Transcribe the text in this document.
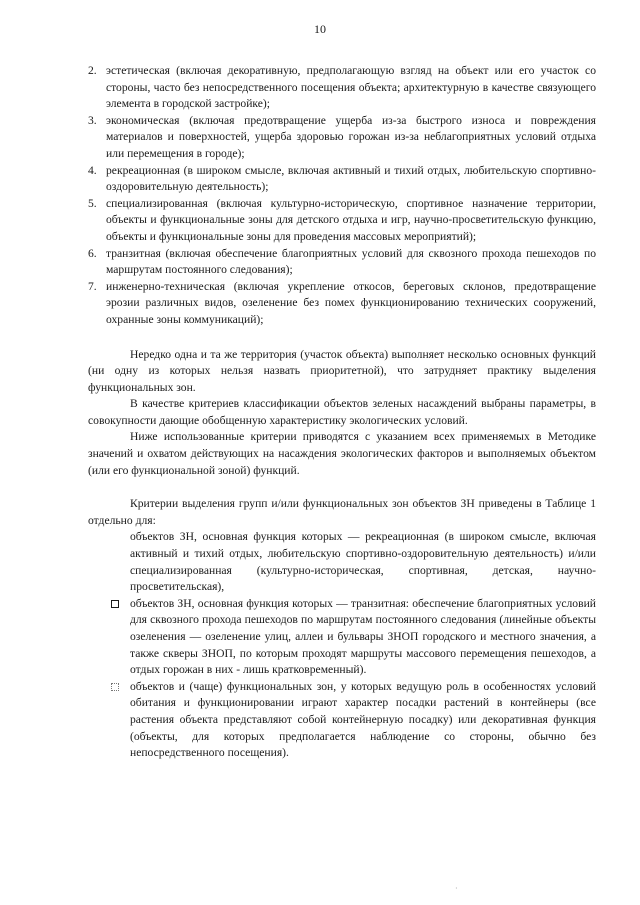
10
2. эстетическая (включая декоративную, предполагающую взгляд на объект или его участок со стороны, часто без непосредственного посещения объекта; архитектурную в качестве связующего элемента в городской застройке);
3. экономическая (включая предотвращение ущерба из-за быстрого износа и повреждения материалов и поверхностей, ущерба здоровью горожан из-за неблагоприятных условий отдыха или перемещения в городе);
4. рекреационная (в широком смысле, включая активный и тихий отдых, любительскую спортивно-оздоровительную деятельность);
5. специализированная (включая культурно-историческую, спортивное назначение территории, объекты и функциональные зоны для детского отдыха и игр, научно-просветительскую функцию, объекты и функциональные зоны для проведения массовых мероприятий);
6. транзитная (включая обеспечение благоприятных условий для сквозного прохода пешеходов по маршрутам постоянного следования);
7. инженерно-техническая (включая укрепление откосов, береговых склонов, предотвращение эрозии различных видов, озеленение без помех функционированию технических сооружений, охранные зоны коммуникаций);

Нередко одна и та же территория (участок объекта) выполняет несколько основных функций (ни одну из которых нельзя назвать приоритетной), что затрудняет практику выделения функциональных зон.

В качестве критериев классификации объектов зеленых насаждений выбраны параметры, в совокупности дающие обобщенную характеристику экологических условий.

Ниже использованные критерии приводятся с указанием всех применяемых в Методике значений и охватом действующих на насаждения экологических факторов и выполняемых объектом (или его функциональной зоной) функций.

Критерии выделения групп и/или функциональных зон объектов ЗН приведены в Таблице 1 отдельно для:

объектов ЗН, основная функция которых — рекреационная (в широком смысле, включая активный и тихий отдых, любительскую спортивно-оздоровительную деятельность) и/или специализированная (культурно-историческая, спортивная, детская, научно-просветительская),
объектов ЗН, основная функция которых — транзитная: обеспечение благоприятных условий для сквозного прохода пешеходов по маршрутам постоянного следования (линейные объекты озеленения — озеленение улиц, аллеи и бульвары ЗНОП городского и местного значения, а также скверы ЗНОП, по которым проходят маршруты массового перемещения пешеходов, а отдых горожан в них - лишь кратковременный).
объектов и (чаще) функциональных зон, у которых ведущую роль в особенностях условий обитания и функционировании играют характер посадки растений в контейнеры (все растения объекта представляют собой контейнерную посадку) или декоративная функция (объекты, для которых предполагается наблюдение со стороны, обычно без непосредственного посещения).
·
